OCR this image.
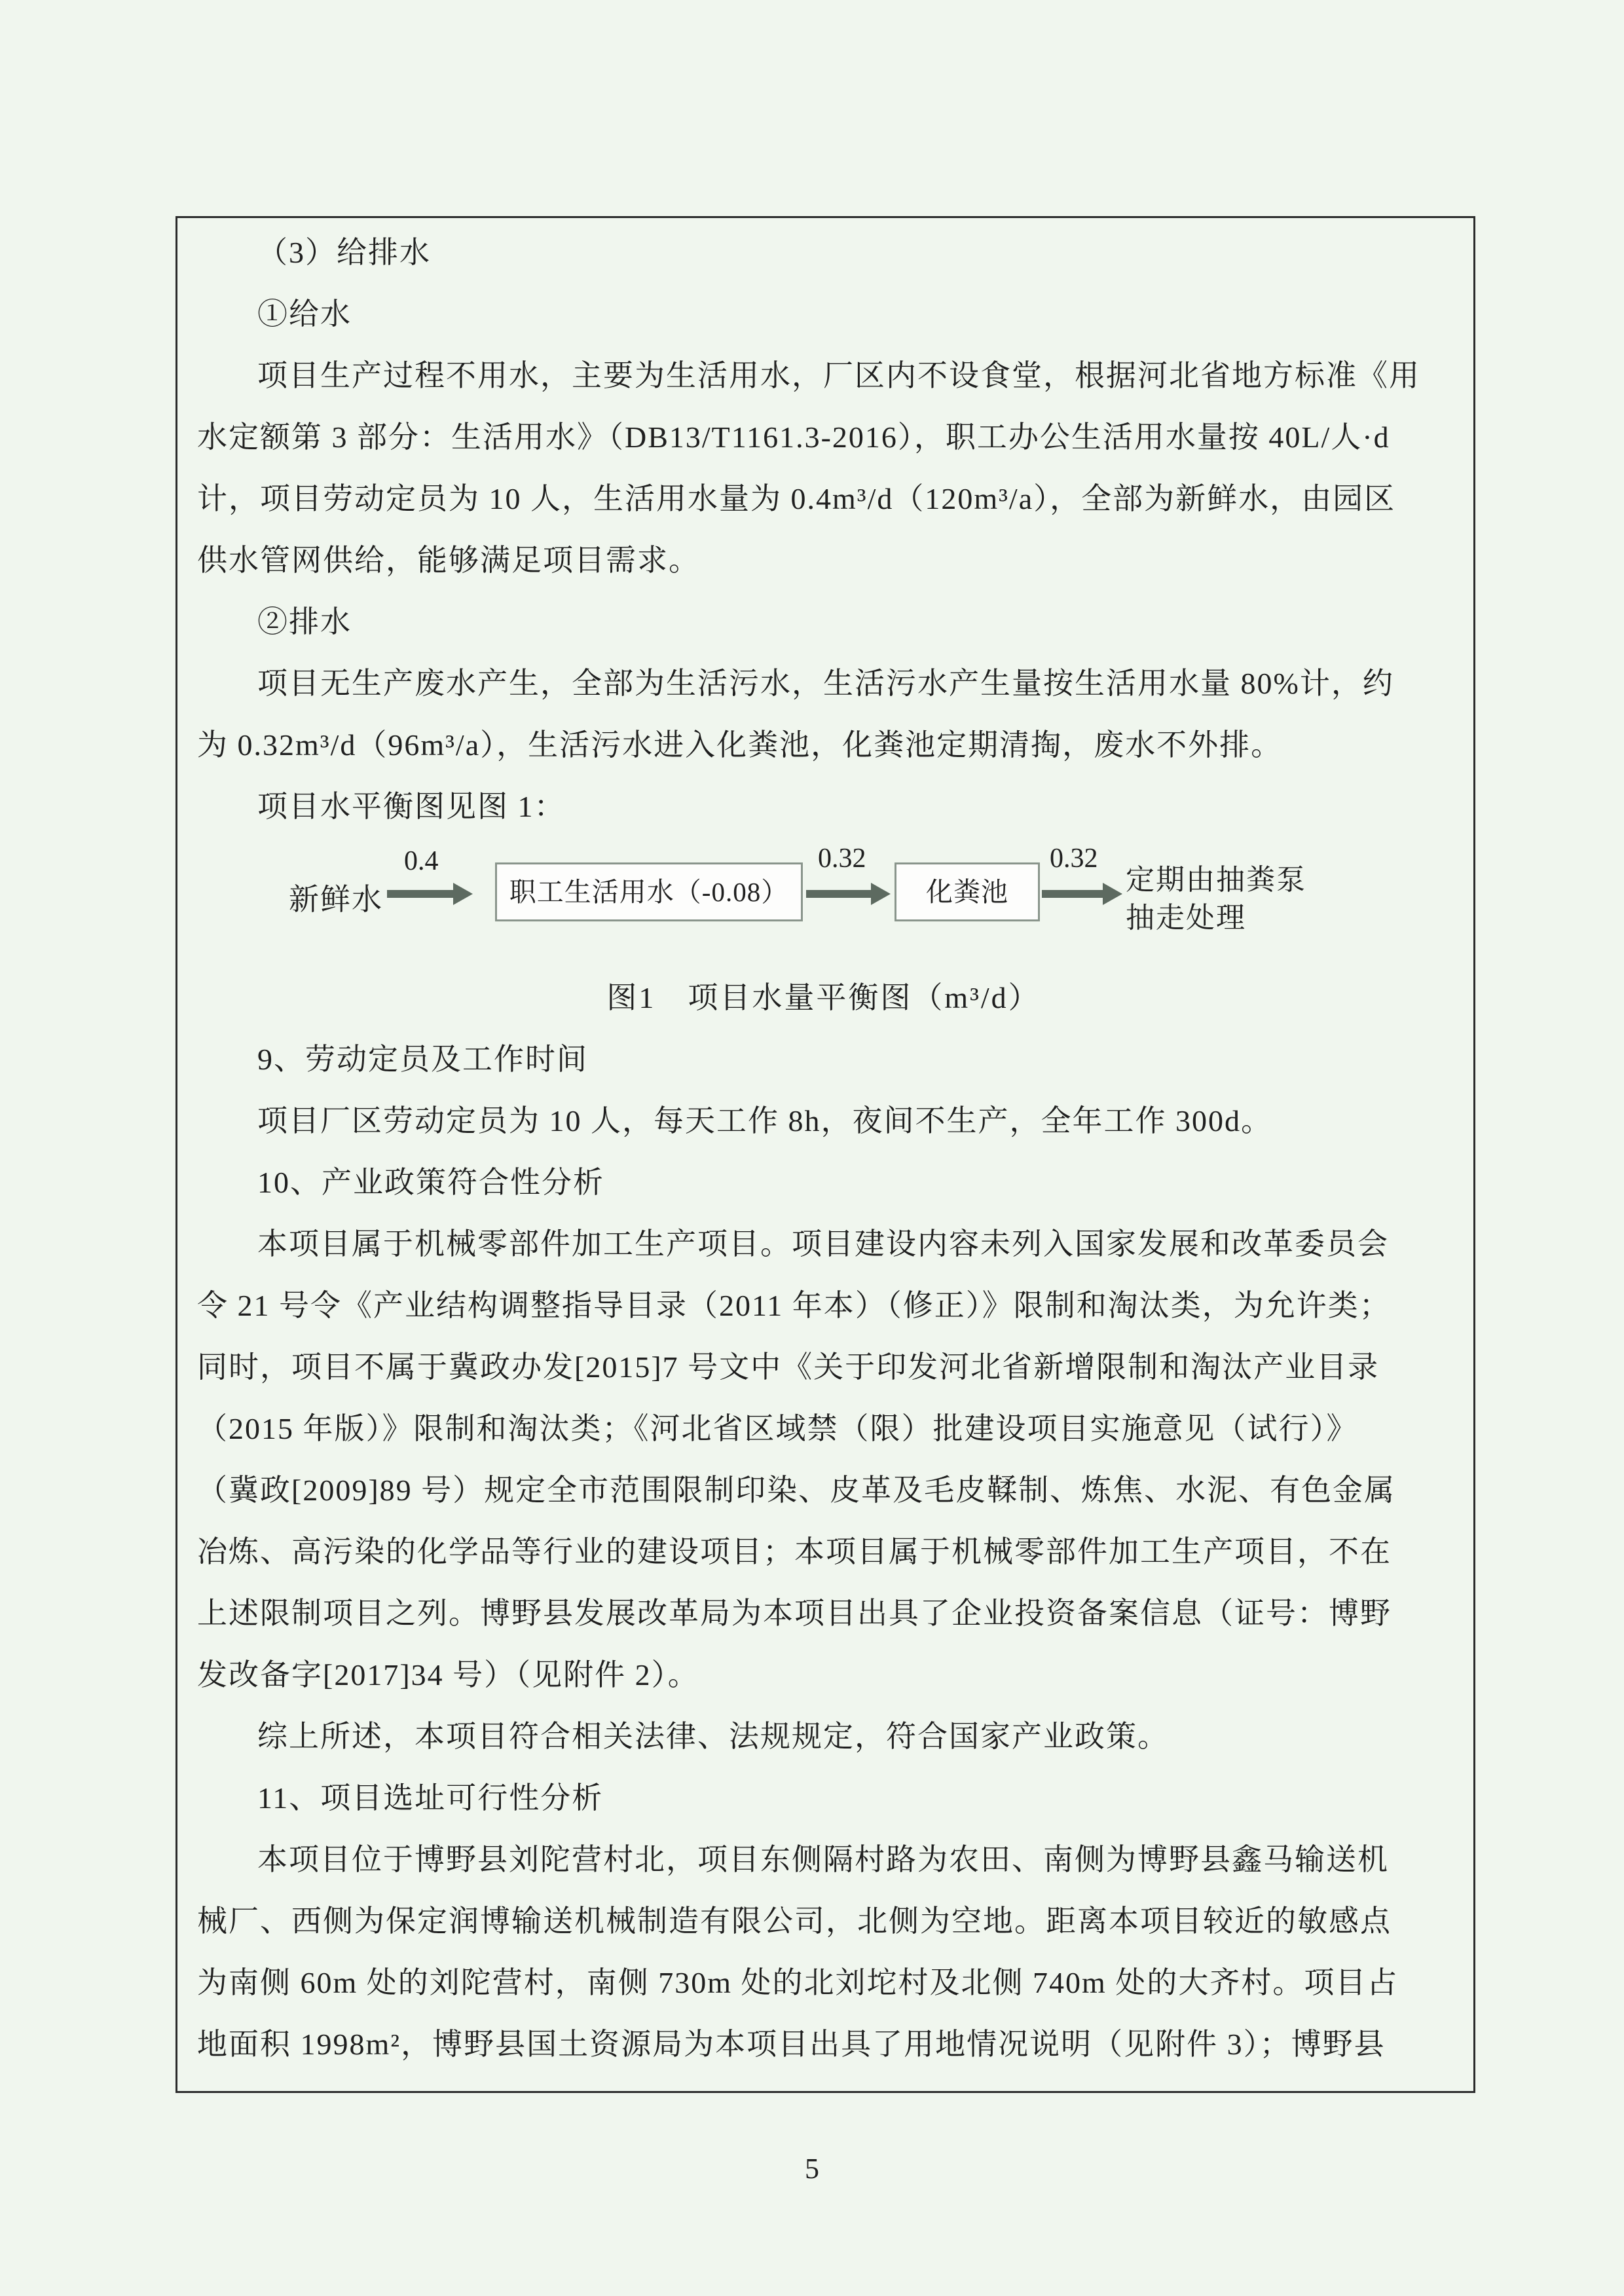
（3）给排水
①给水
项目生产过程不用水，主要为生活用水，厂区内不设食堂，根据河北省地方标准《用
水定额第 3 部分：生活用水》（DB13/T1161.3-2016），职工办公生活用水量按 40L/人·d
计，项目劳动定员为 10 人，生活用水量为 0.4m³/d（120m³/a），全部为新鲜水，由园区
供水管网供给，能够满足项目需求。
②排水
项目无生产废水产生，全部为生活污水，生活污水产生量按生活用水量 80%计，约
为 0.32m³/d（96m³/a），生活污水进入化粪池，化粪池定期清掏，废水不外排。
项目水平衡图见图 1：
新鲜水
0.4
职工生活用水（-0.08）
0.32
化粪池
0.32
定期由抽粪泵
抽走处理
图1　项目水量平衡图（m³/d）
9、劳动定员及工作时间
项目厂区劳动定员为 10 人，每天工作 8h，夜间不生产，全年工作 300d。
10、产业政策符合性分析
本项目属于机械零部件加工生产项目。项目建设内容未列入国家发展和改革委员会
令 21 号令《产业结构调整指导目录（2011 年本）（修正）》限制和淘汰类，为允许类；
同时，项目不属于冀政办发[2015]7 号文中《关于印发河北省新增限制和淘汰产业目录
（2015 年版）》限制和淘汰类；《河北省区域禁（限）批建设项目实施意见（试行）》
（冀政[2009]89 号）规定全市范围限制印染、皮革及毛皮鞣制、炼焦、水泥、有色金属
冶炼、高污染的化学品等行业的建设项目；本项目属于机械零部件加工生产项目，不在
上述限制项目之列。博野县发展改革局为本项目出具了企业投资备案信息（证号：博野
发改备字[2017]34 号）（见附件 2）。
综上所述，本项目符合相关法律、法规规定，符合国家产业政策。
11、项目选址可行性分析
本项目位于博野县刘陀营村北，项目东侧隔村路为农田、南侧为博野县鑫马输送机
械厂、西侧为保定润博输送机械制造有限公司，北侧为空地。距离本项目较近的敏感点
为南侧 60m 处的刘陀营村，南侧 730m 处的北刘坨村及北侧 740m 处的大齐村。项目占
地面积 1998m²，博野县国土资源局为本项目出具了用地情况说明（见附件 3）；博野县
5
